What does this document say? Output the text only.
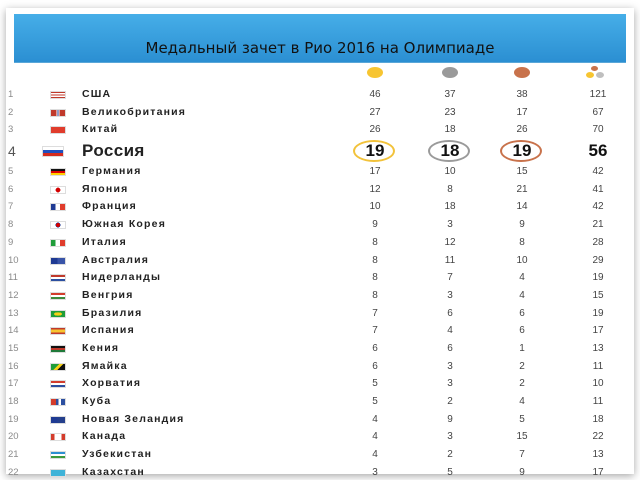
Медальный зачет в Рио 2016 на Олимпиаде
1	США	46	37	38	121
2	Великобритания	27	23	17	67
3	Китай	26	18	26	70
4	Россия	19	18	19	56
5	Германия	17	10	15	42
6	Япония	12	8	21	41
7	Франция	10	18	14	42
8	Южная Корея	9	3	9	21
9	Италия	8	12	8	28
10	Австралия	8	11	10	29
11	Нидерланды	8	7	4	19
12	Венгрия	8	3	4	15
13	Бразилия	7	6	6	19
14	Испания	7	4	6	17
15	Кения	6	6	1	13
16	Ямайка	6	3	2	11
17	Хорватия	5	3	2	10
18	Куба	5	2	4	11
19	Новая Зеландия	4	9	5	18
20	Канада	4	3	15	22
21	Узбекистан	4	2	7	13
22	Казахстан	3	5	9	17
